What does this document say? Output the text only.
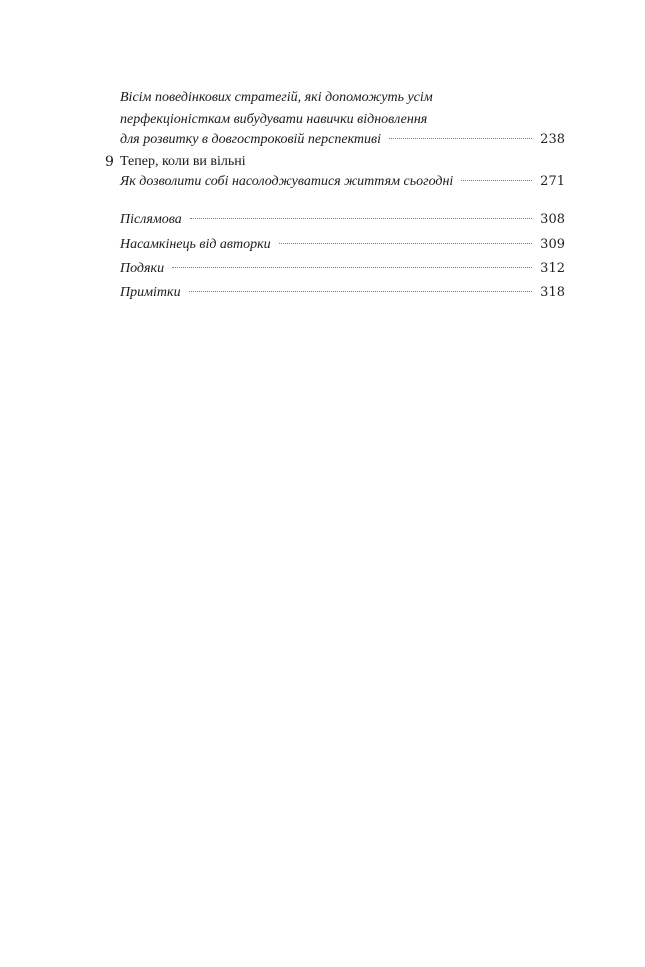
Вісім поведінкових стратегій, які допоможуть усім
перфекціоністкам вибудувати навички відновлення
для розвитку в довгостроковій перспективі	238
9 Тепер, коли ви вільні
Як дозволити собі насолоджуватися життям сьогодні	271
Післямова	308
Насамкінець від авторки	309
Подяки	312
Примітки	318
